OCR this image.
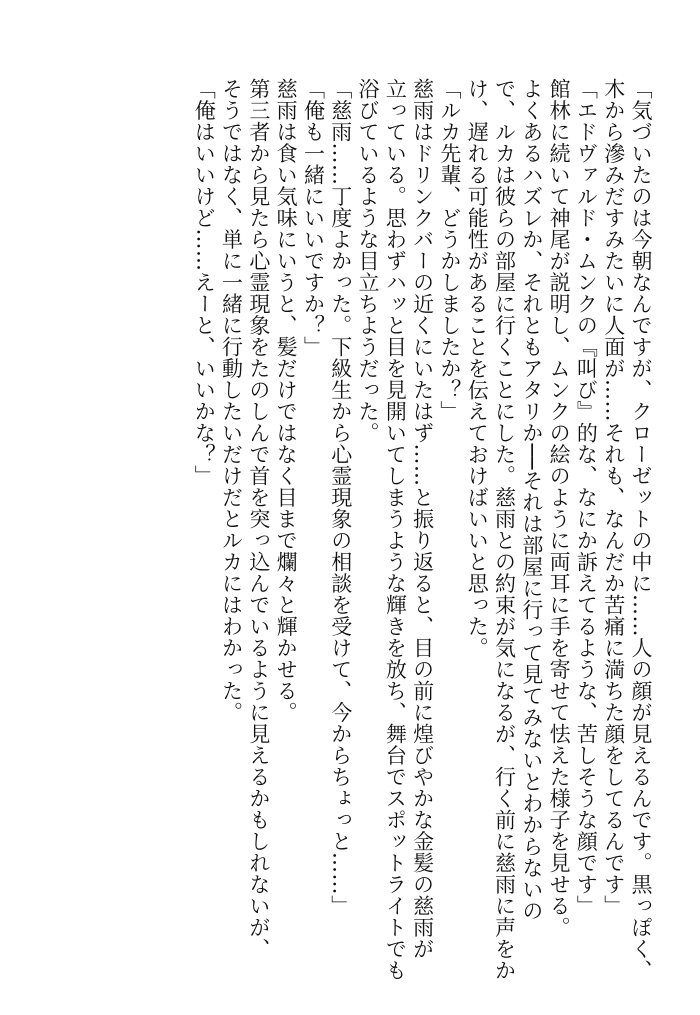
「気づいたのは今朝なんですが、クローゼットの中に……人の顔が見えるんです。黒っぽく、
木から滲みだすみたいに人面が……それも、なんだか苦痛に満ちた顔をしてるんです」
「エドヴァルド・ムンクの『叫び』的な、なにか訴えてるような、苦しそうな顔です」
館林に続いて神尾が説明し、ムンクの絵のように両耳に手を寄せて怯えた様子を見せる。
よくあるハズレか、それともアタリか──それは部屋に行って見てみないとわからないの
で、ルカは彼らの部屋に行くことにした。慈雨との約束が気になるが、行く前に慈雨に声をか
け、遅れる可能性があることを伝えておけばいいと思った。
「ルカ先輩、どうかしましたか？」
慈雨はドリンクバーの近くにいたはず……と振り返ると、目の前に煌びやかな金髪の慈雨が
立っている。思わずハッと目を見開いてしまうような輝きを放ち、舞台でスポットライトでも
浴びているような目立ちようだった。
「慈雨……丁度よかった。下級生から心霊現象の相談を受けて、今からちょっと……」
「俺も一緒にいいですか？」
慈雨は食い気味にいうと、髪だけではなく目まで爛々と輝かせる。
第三者から見たら心霊現象をたのしんで首を突っ込んでいるように見えるかもしれないが、
そうではなく、単に一緒に行動したいだけだとルカにはわかった。
「俺はいいけど……えーと、いいかな？」
